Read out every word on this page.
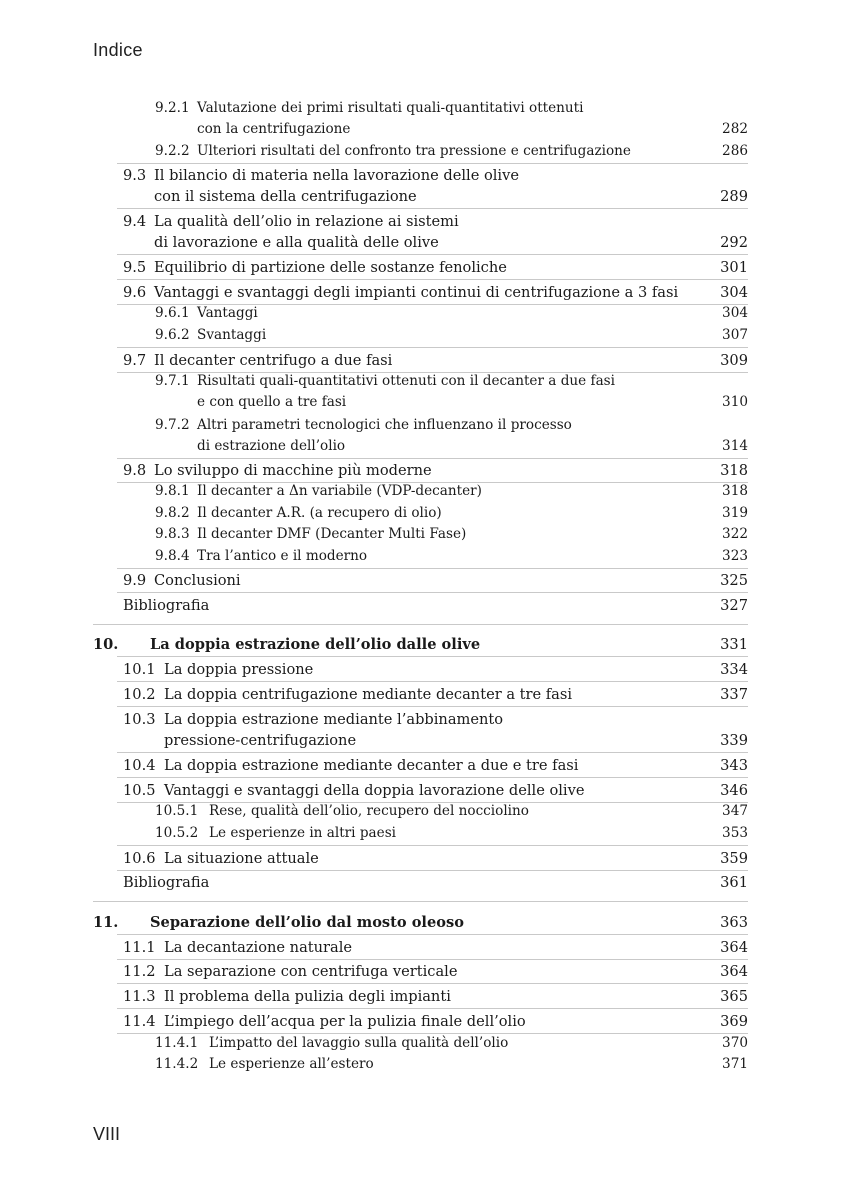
Indice
9.2.1 Valutazione dei primi risultati quali-quantitativi ottenuti
con la centrifugazione	282
9.2.2 Ulteriori risultati del confronto tra pressione e centrifugazione	286
9.3 Il bilancio di materia nella lavorazione delle olive
con il sistema della centrifugazione	289
9.4 La qualità dell’olio in relazione ai sistemi
di lavorazione e alla qualità delle olive	292
9.5 Equilibrio di partizione delle sostanze fenoliche	301
9.6 Vantaggi e svantaggi degli impianti continui di centrifugazione a 3 fasi	304
9.6.1 Vantaggi	304
9.6.2 Svantaggi	307
9.7 Il decanter centrifugo a due fasi	309
9.7.1 Risultati quali-quantitativi ottenuti con il decanter a due fasi
e con quello a tre fasi	310
9.7.2 Altri parametri tecnologici che influenzano il processo
di estrazione dell’olio	314
9.8 Lo sviluppo di macchine più moderne	318
9.8.1 Il decanter a Δn variabile (VDP-decanter)	318
9.8.2 Il decanter A.R. (a recupero di olio)	319
9.8.3 Il decanter DMF (Decanter Multi Fase)	322
9.8.4 Tra l’antico e il moderno	323
9.9 Conclusioni	325
Bibliografia	327
10. La doppia estrazione dell’olio dalle olive	331
10.1 La doppia pressione	334
10.2 La doppia centrifugazione mediante decanter a tre fasi	337
10.3 La doppia estrazione mediante l’abbinamento
pressione-centrifugazione	339
10.4 La doppia estrazione mediante decanter a due e tre fasi	343
10.5 Vantaggi e svantaggi della doppia lavorazione delle olive	346
10.5.1 Rese, qualità dell’olio, recupero del nocciolino	347
10.5.2 Le esperienze in altri paesi	353
10.6 La situazione attuale	359
Bibliografia	361
11. Separazione dell’olio dal mosto oleoso	363
11.1 La decantazione naturale	364
11.2 La separazione con centrifuga verticale	364
11.3 Il problema della pulizia degli impianti	365
11.4 L’impiego dell’acqua per la pulizia finale dell’olio	369
11.4.1 L’impatto del lavaggio sulla qualità dell’olio	370
11.4.2 Le esperienze all’estero	371
VIII
